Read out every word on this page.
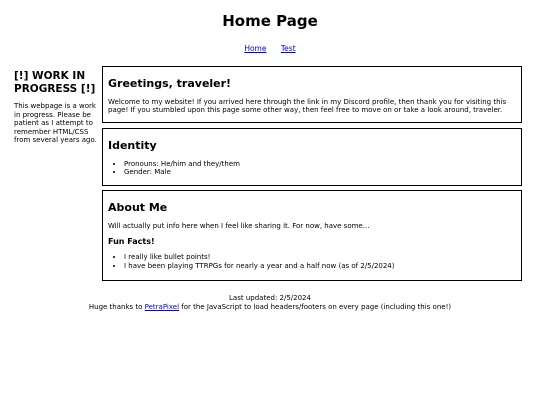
Home Page
Home Test
[!] WORK IN PROGRESS [!]

This webpage is a work in progress. Please be patient as I attempt to remember HTML/CSS from several years ago.

Greetings, traveler!

Welcome to my website! If you arrived here through the link in my Discord profile, then thank you for visiting this page! If you stumbled upon this page some other way, then feel free to move on or take a look around, traveler.

Identity
• Pronouns: He/him and they/them
• Gender: Male
About Me

Will actually put info here when I feel like sharing it. For now, have some...

Fun Facts!
• I really like bullet points!
• I have been playing TTRPGs for nearly a year and a half now (as of 2/5/2024)
Last updated: 2/5/2024
Huge thanks to PetraPixel for the JavaScript to load headers/footers on every page (including this one!)
